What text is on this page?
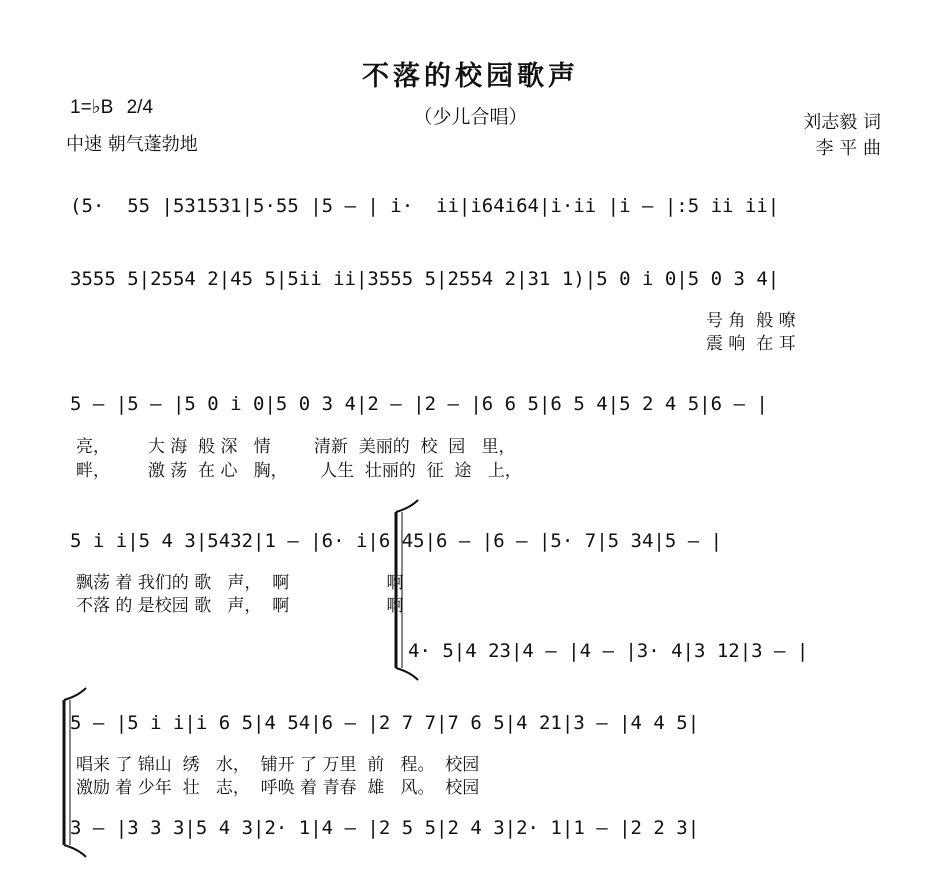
不落的校园歌声
（少儿合唱）
1=♭B 2/4
中速 朝气蓬勃地
刘志毅 词
李 平 曲
(5·  55 |531531|5·55 |5 – | i·  ii|i64i64|i·ii |i – |:5 ii ii|
3555 5|2554 2|45 5|5ii ii|3555 5|2554 2|31 1)|5 0 i 0|5 0 3 4|
号 角  般 嘹
震 响  在 耳
5 – |5 – |5 0 i 0|5 0 3 4|2 – |2 – |6 6 5|6 5 4|5 2 4 5|6 – |
亮，       大 海  般 深   情        清新  美丽的  校  园   里，
畔，       激 荡  在 心   胸，      人生  壮丽的  征  途   上，
5 i i|5 4 3|5432|1 – |6· i|6 45|6 – |6 – |5· 7|5 34|5 – |
飘荡 着 我们的 歌   声，  啊                  啊
不落 的 是校园 歌   声，  啊                  啊
4· 5|4 23|4 – |4 – |3· 4|3 12|3 – |
5 – |5 i i|i 6 5|4 54|6 – |2 7 7|7 6 5|4 21|3 – |4 4 5|
唱来 了 锦山  绣   水，  铺开 了 万里  前   程。  校园
激励 着 少年  壮   志，  呼唤 着 青春  雄   风。  校园
3 – |3 3 3|5 4 3|2· 1|4 – |2 5 5|2 4 3|2· 1|1 – |2 2 3|
